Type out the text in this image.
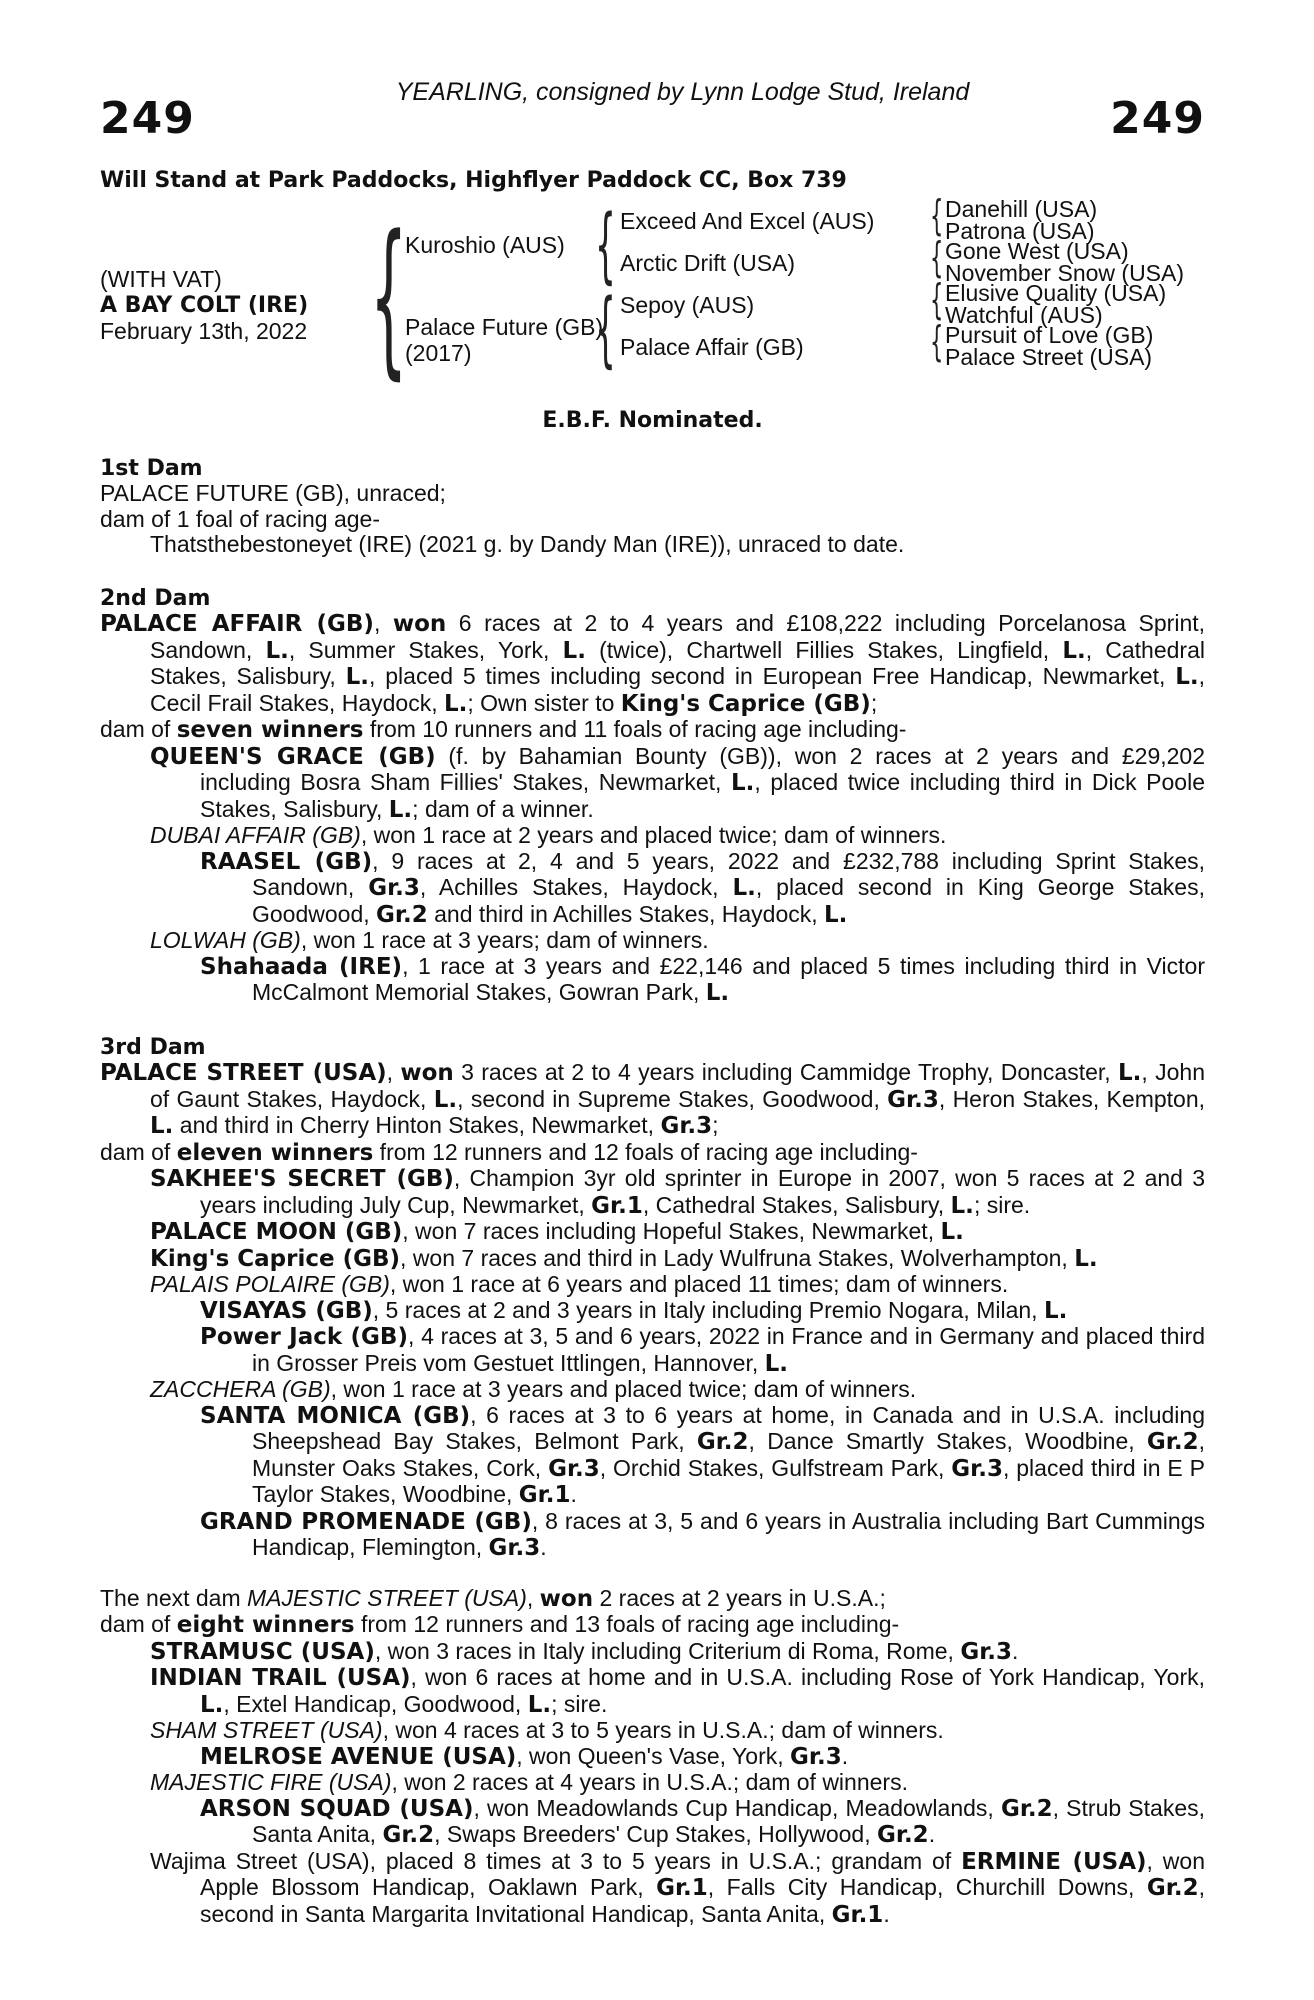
YEARLING, consigned by Lynn Lodge Stud, Ireland
249	249
Will Stand at Park Paddocks, Highflyer Paddock CC, Box 739
(WITH VAT)
A BAY COLT (IRE)
February 13th, 2022 {
Kuroshio (AUS)
Palace Future (GB)
(2017)
{
{
Exceed And Excel (AUS)
Arctic Drift (USA)
Sepoy (AUS)
Palace Affair (GB)
{
{
{
{
Danehill (USA)
Patrona (USA)
Gone West (USA)
November Snow (USA)
Elusive Quality (USA)
Watchful (AUS)
Pursuit of Love (GB)
Palace Street (USA)
E.B.F. Nominated.
1st Dam

PALACE FUTURE (GB), unraced;

dam of 1 foal of racing age-

Thatsthebestoneyet (IRE) (2021 g. by Dandy Man (IRE)), unraced to date.

2nd Dam

PALACE AFFAIR (GB), won 6 races at 2 to 4 years and £108,222 including Porcelanosa Sprint, Sandown, L., Summer Stakes, York, L. (twice), Chartwell Fillies Stakes, Lingfield, L., Cathedral Stakes, Salisbury, L., placed 5 times including second in European Free Handicap, Newmarket, L., Cecil Frail Stakes, Haydock, L.; Own sister to King's Caprice (GB);

dam of seven winners from 10 runners and 11 foals of racing age including-

QUEEN'S GRACE (GB) (f. by Bahamian Bounty (GB)), won 2 races at 2 years and £29,202 including Bosra Sham Fillies' Stakes, Newmarket, L., placed twice including third in Dick Poole Stakes, Salisbury, L.; dam of a winner.

DUBAI AFFAIR (GB), won 1 race at 2 years and placed twice; dam of winners.

RAASEL (GB), 9 races at 2, 4 and 5 years, 2022 and £232,788 including Sprint Stakes, Sandown, Gr.3, Achilles Stakes, Haydock, L., placed second in King George Stakes, Goodwood, Gr.2 and third in Achilles Stakes, Haydock, L.

LOLWAH (GB), won 1 race at 3 years; dam of winners.

Shahaada (IRE), 1 race at 3 years and £22,146 and placed 5 times including third in Victor McCalmont Memorial Stakes, Gowran Park, L.

3rd Dam

PALACE STREET (USA), won 3 races at 2 to 4 years including Cammidge Trophy, Doncaster, L., John of Gaunt Stakes, Haydock, L., second in Supreme Stakes, Goodwood, Gr.3, Heron Stakes, Kempton, L. and third in Cherry Hinton Stakes, Newmarket, Gr.3;

dam of eleven winners from 12 runners and 12 foals of racing age including-

SAKHEE'S SECRET (GB), Champion 3yr old sprinter in Europe in 2007, won 5 races at 2 and 3 years including July Cup, Newmarket, Gr.1, Cathedral Stakes, Salisbury, L.; sire.

PALACE MOON (GB), won 7 races including Hopeful Stakes, Newmarket, L.

King's Caprice (GB), won 7 races and third in Lady Wulfruna Stakes, Wolverhampton, L.

PALAIS POLAIRE (GB), won 1 race at 6 years and placed 11 times; dam of winners.

VISAYAS (GB), 5 races at 2 and 3 years in Italy including Premio Nogara, Milan, L.

Power Jack (GB), 4 races at 3, 5 and 6 years, 2022 in France and in Germany and placed third in Grosser Preis vom Gestuet Ittlingen, Hannover, L.

ZACCHERA (GB), won 1 race at 3 years and placed twice; dam of winners.

SANTA MONICA (GB), 6 races at 3 to 6 years at home, in Canada and in U.S.A. including Sheepshead Bay Stakes, Belmont Park, Gr.2, Dance Smartly Stakes, Woodbine, Gr.2, Munster Oaks Stakes, Cork, Gr.3, Orchid Stakes, Gulfstream Park, Gr.3, placed third in E P Taylor Stakes, Woodbine, Gr.1.

GRAND PROMENADE (GB), 8 races at 3, 5 and 6 years in Australia including Bart Cummings Handicap, Flemington, Gr.3.

The next dam MAJESTIC STREET (USA), won 2 races at 2 years in U.S.A.;

dam of eight winners from 12 runners and 13 foals of racing age including-

STRAMUSC (USA), won 3 races in Italy including Criterium di Roma, Rome, Gr.3.

INDIAN TRAIL (USA), won 6 races at home and in U.S.A. including Rose of York Handicap, York, L., Extel Handicap, Goodwood, L.; sire.

SHAM STREET (USA), won 4 races at 3 to 5 years in U.S.A.; dam of winners.

MELROSE AVENUE (USA), won Queen's Vase, York, Gr.3.

MAJESTIC FIRE (USA), won 2 races at 4 years in U.S.A.; dam of winners.

ARSON SQUAD (USA), won Meadowlands Cup Handicap, Meadowlands, Gr.2, Strub Stakes, Santa Anita, Gr.2, Swaps Breeders' Cup Stakes, Hollywood, Gr.2.

Wajima Street (USA), placed 8 times at 3 to 5 years in U.S.A.; grandam of ERMINE (USA), won Apple Blossom Handicap, Oaklawn Park, Gr.1, Falls City Handicap, Churchill Downs, Gr.2, second in Santa Margarita Invitational Handicap, Santa Anita, Gr.1.
